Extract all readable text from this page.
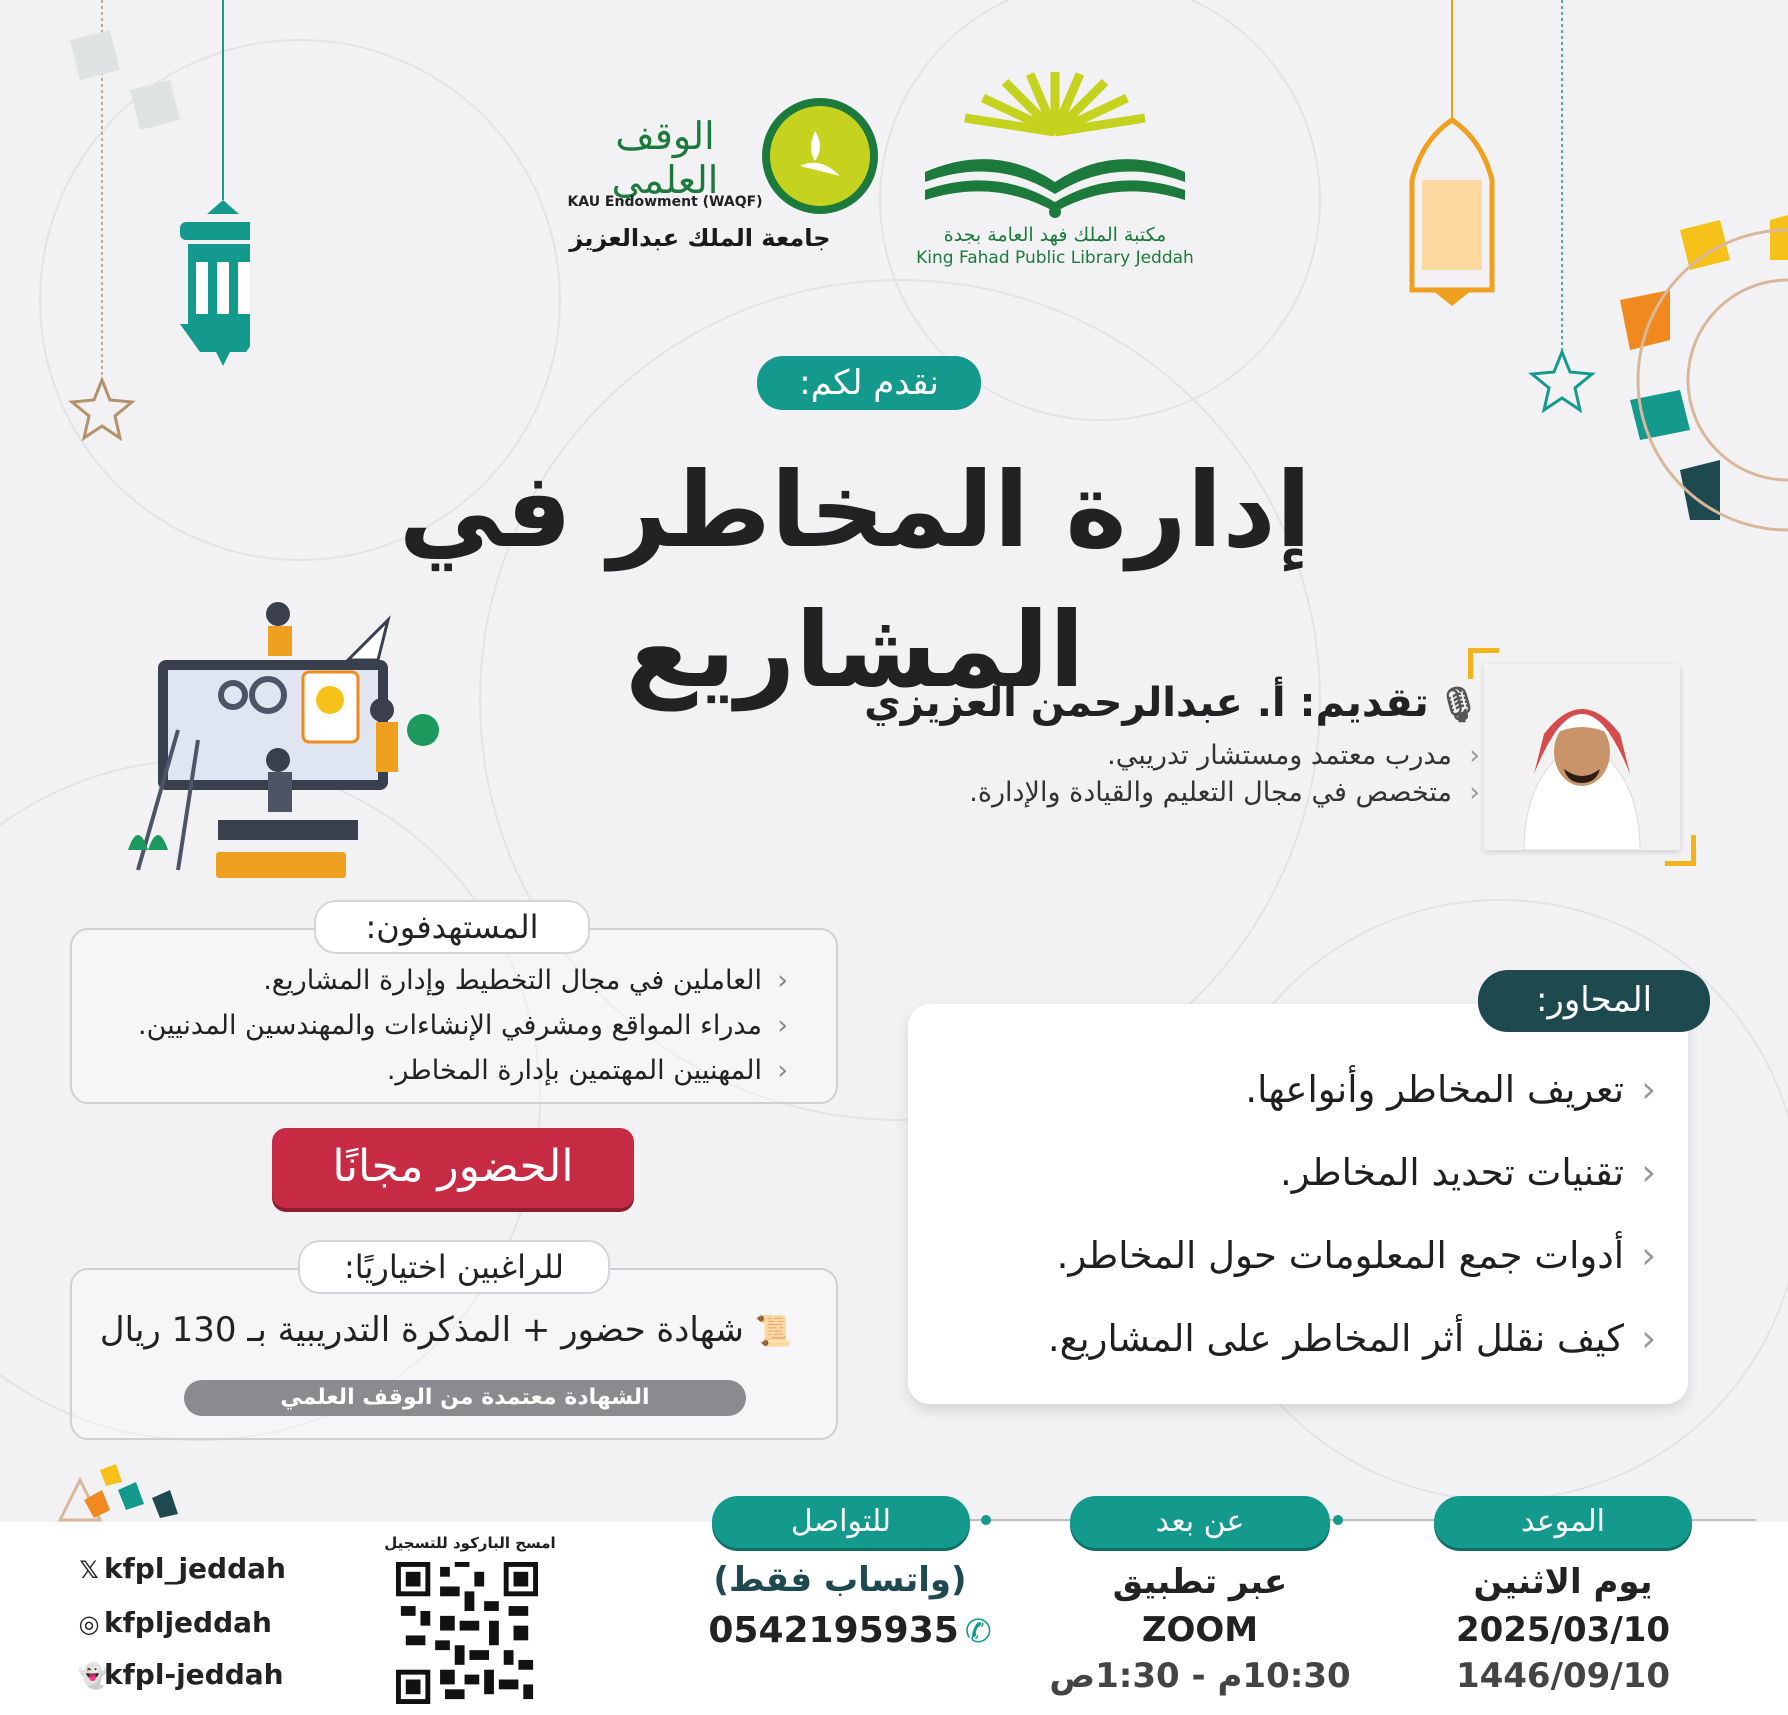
الوقف العلمي
KAU Endowment (WAQF)
جامعة الملك عبدالعزيز	مكتبة الملك فهد العامة بجدة
King Fahad Public Library Jeddah
نقدم لكم:
إدارة المخاطر في المشاريع	🎙تقديم: أ. عبدالرحمن العزيزي
‹ مدرب معتمد ومستشار تدريبي.
‹ متخصص في مجال التعليم والقيادة والإدارة.
المستهدفون:
‹ العاملين في مجال التخطيط وإدارة المشاريع.
‹ مدراء المواقع ومشرفي الإنشاءات والمهندسين المدنيين.
‹ المهنيين المهتمين بإدارة المخاطر.
الحضور مجانًا
للراغبين اختياريًا:
📜 شهادة حضور + المذكرة التدريبية بـ 130 ريال
الشهادة معتمدة من الوقف العلمي
المحاور:
‹ تعريف المخاطر وأنواعها.
‹ تقنيات تحديد المخاطر.
‹ أدوات جمع المعلومات حول المخاطر.
‹ كيف نقلل أثر المخاطر على المشاريع.
الموعد
يوم الاثنين
2025/03/10
1446/09/10
عن بعد
عبر تطبيق
ZOOM
10:30م - 1:30ص
للتواصل
(واتساب فقط)
0542195935 ✆
امسح الباركود للتسجيل
𝕏 kfpl_jeddah
◎ kfpljeddah
👻kfpl-jeddah
